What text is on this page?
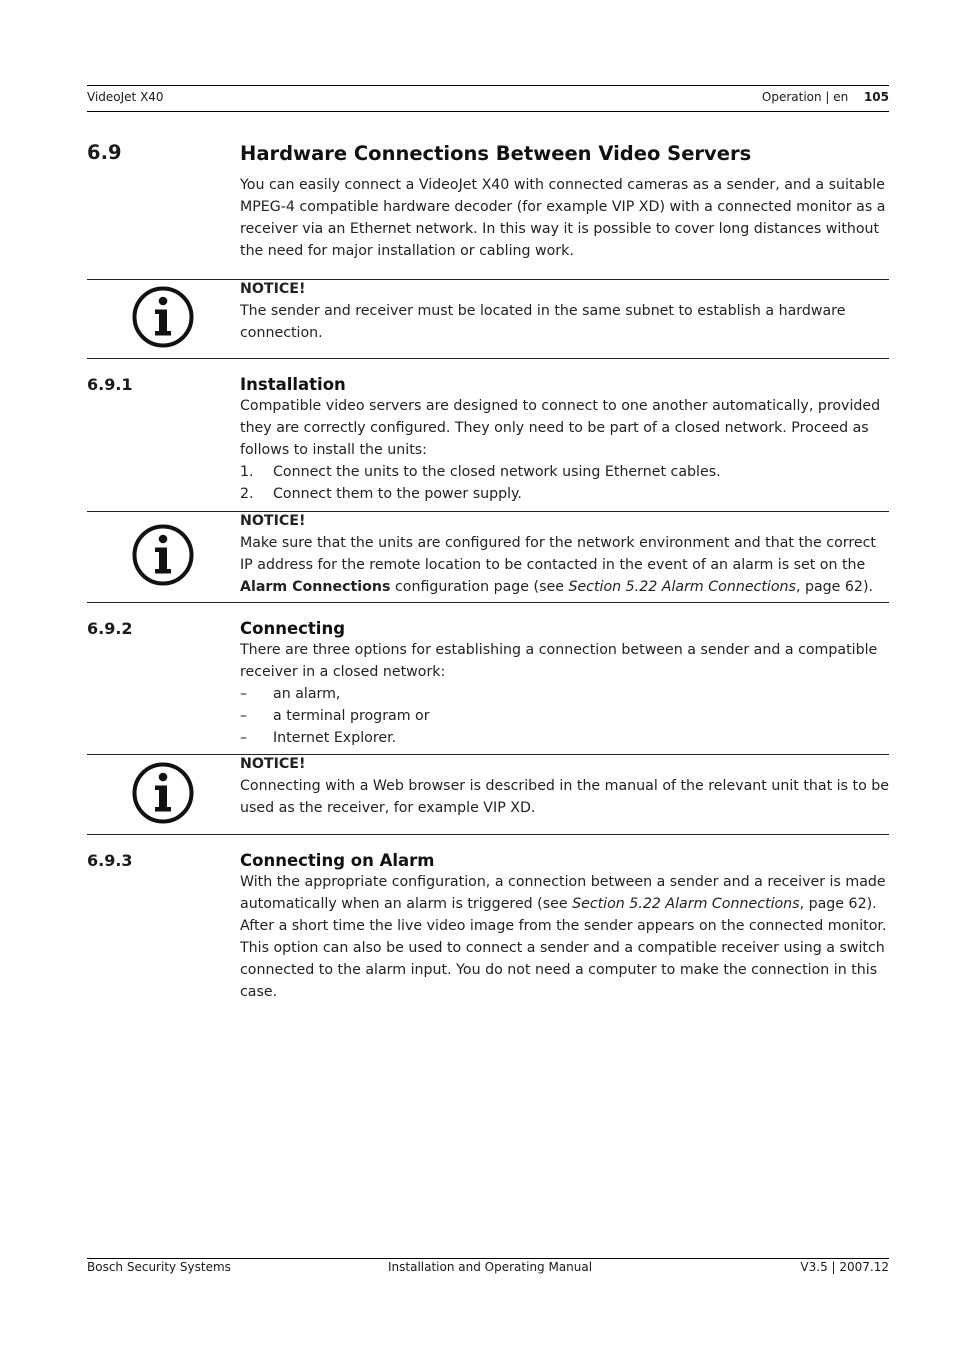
VideoJet X40	Operation | en 105
6.9	Hardware Connections Between Video Servers
You can easily connect a VideoJet X40 with connected cameras as a sender, and a suitable MPEG-4 compatible hardware decoder (for example VIP XD) with a connected monitor as a receiver via an Ethernet network. In this way it is possible to cover long distances without the need for major installation or cabling work.
NOTICE!
The sender and receiver must be located in the same subnet to establish a hardware connection.
6.9.1	Installation
Compatible video servers are designed to connect to one another automatically, provided they are correctly configured. They only need to be part of a closed network. Proceed as follows to install the units:
1. Connect the units to the closed network using Ethernet cables.
2. Connect them to the power supply.
NOTICE!
Make sure that the units are configured for the network environment and that the correct IP address for the remote location to be contacted in the event of an alarm is set on the Alarm Connections configuration page (see Section 5.22 Alarm Connections, page 62).
6.9.2	Connecting
There are three options for establishing a connection between a sender and a compatible receiver in a closed network:
– an alarm,
– a terminal program or
– Internet Explorer.
NOTICE!
Connecting with a Web browser is described in the manual of the relevant unit that is to be used as the receiver, for example VIP XD.
6.9.3	Connecting on Alarm
With the appropriate configuration, a connection between a sender and a receiver is made automatically when an alarm is triggered (see Section 5.22 Alarm Connections, page 62). After a short time the live video image from the sender appears on the connected monitor.
This option can also be used to connect a sender and a compatible receiver using a switch connected to the alarm input. You do not need a computer to make the connection in this case.
Bosch Security Systems	Installation and Operating Manual	V3.5 | 2007.12
